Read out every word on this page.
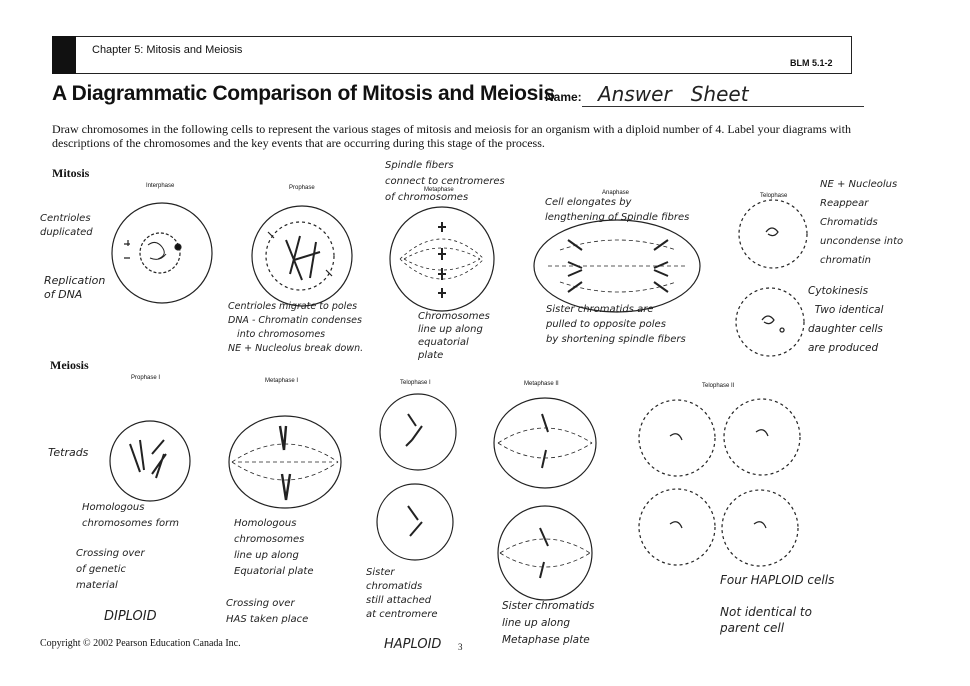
Chapter 5: Mitosis and Meiosis
BLM 5.1-2
A Diagrammatic Comparison of Mitosis and Meiosis
Name: Answer   Sheet
Draw chromosomes in the following cells to represent the various stages of mitosis and meiosis for an organism with a diploid number of 4. Label your diagrams with descriptions of the chromosomes and the key events that are occurring during this stage of the process.
Mitosis
Meiosis
Interphase	Prophase	Metaphase	Anaphase	Telophase
Prophase I	Metaphase I	Telophase I	Metaphase II	Telophase II
Centrioles
duplicated
Replication
of DNA
Centrioles migrate to poles
DNA - Chromatin condenses
into chromosomes
NE + Nucleolus break down.
Spindle fibers
connect to centromeres
of chromosomes
Chromosomes
line up along
equatorial
plate
Cell elongates by
lengthening of Spindle fibres
Sister chromatids are
pulled to opposite poles
by shortening spindle fibers
NE + Nucleolus
Reappear
Chromatids
uncondense into
chromatin
Cytokinesis
Two identical
daughter cells
are produced
Tetrads
Homologous
chromosomes form
Crossing over
of genetic
material
DIPLOID
Homologous
chromosomes
line up along
Equatorial plate
Crossing over
HAS taken place
Sister
chromatids
still attached
at centromere
HAPLOID
Sister chromatids
line up along
Metaphase plate
Four HAPLOID cells

Not identical to
parent cell
Copyright © 2002 Pearson Education Canada Inc.	3
